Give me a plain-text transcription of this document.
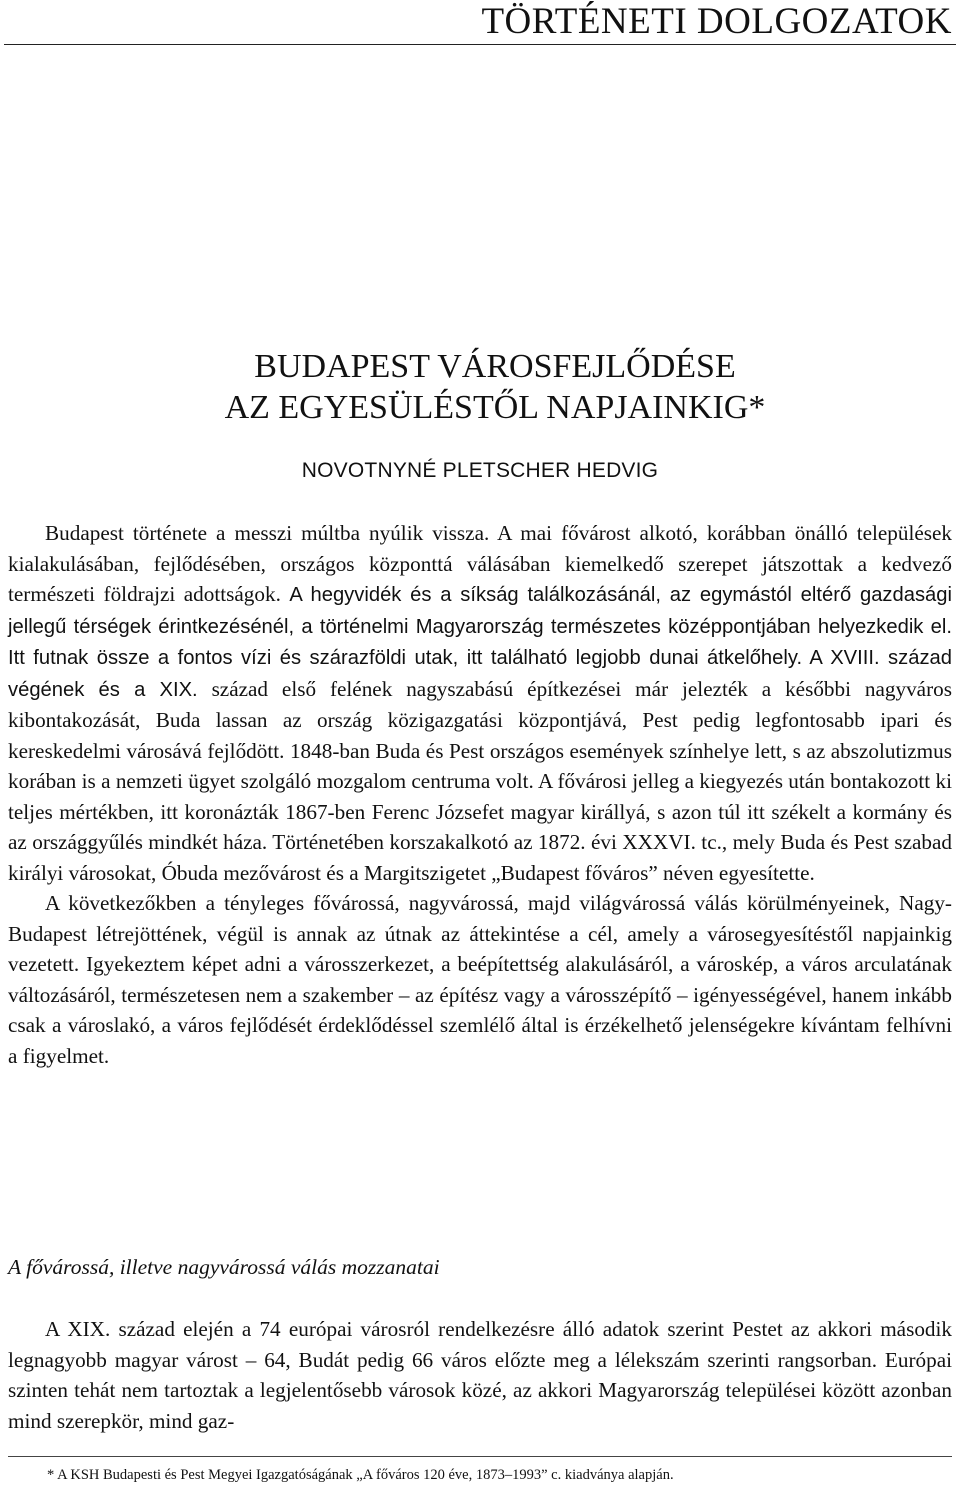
TÖRTÉNETI DOLGOZATOK
BUDAPEST VÁROSFEJLŐDÉSE
AZ EGYESÜLÉSTŐL NAPJAINKIG*
NOVOTNYNÉ PLETSCHER HEDVIG

Budapest története a messzi múltba nyúlik vissza. A mai fővárost alkotó, korábban önálló települések kialakulásában, fejlődésében, országos központtá válásában kiemelkedő szerepet játszottak a kedvező természeti földrajzi adottságok. A hegyvidék és a síkság találkozásánál, az egymástól eltérő gazdasági jellegű térségek érintkezésénél, a történelmi Magyarország természetes középpontjában helyezkedik el. Itt futnak össze a fontos vízi és szárazföldi utak, itt található legjobb dunai átkelőhely. A XVIII. század végének és a XIX. század első felének nagyszabású építkezései már jelezték a későbbi nagyváros kibontakozását, Buda lassan az ország közigazgatási központjává, Pest pedig legfontosabb ipari és kereskedelmi városává fejlődött. 1848-ban Buda és Pest országos események színhelye lett, s az abszolutizmus korában is a nemzeti ügyet szolgáló mozgalom centruma volt. A fővárosi jelleg a kiegyezés után bontakozott ki teljes mértékben, itt koronázták 1867-ben Ferenc Józsefet magyar királlyá, s azon túl itt székelt a kormány és az országgyűlés mindkét háza. Történetében korszakalkotó az 1872. évi XXXVI. tc., mely Buda és Pest szabad királyi városokat, Óbuda mezővárost és a Margitszigetet „Budapest főváros” néven egyesítette.

A következőkben a tényleges fővárossá, nagyvárossá, majd világvárossá válás körülményeinek, Nagy-Budapest létrejöttének, végül is annak az útnak az áttekintése a cél, amely a városegyesítéstől napjainkig vezetett. Igyekeztem képet adni a városszerkezet, a beépítettség alakulásáról, a városkép, a város arculatának változásáról, természetesen nem a szakember – az építész vagy a városszépítő – igényességével, hanem inkább csak a városlakó, a város fejlődését érdeklődéssel szemlélő által is érzékelhető jelenségekre kívántam felhívni a figyelmet.

A fővárossá, illetve nagyvárossá válás mozzanatai

A XIX. század elején a 74 európai városról rendelkezésre álló adatok szerint Pestet az akkori második legnagyobb magyar várost – 64, Budát pedig 66 város előzte meg a lélekszám szerinti rangsorban. Európai szinten tehát nem tartoztak a legjelentősebb városok közé, az akkori Magyarország települései között azonban mind szerepkör, mind gaz-

* A KSH Budapesti és Pest Megyei Igazgatóságának „A főváros 120 éve, 1873–1993” c. kiadványa alapján.
